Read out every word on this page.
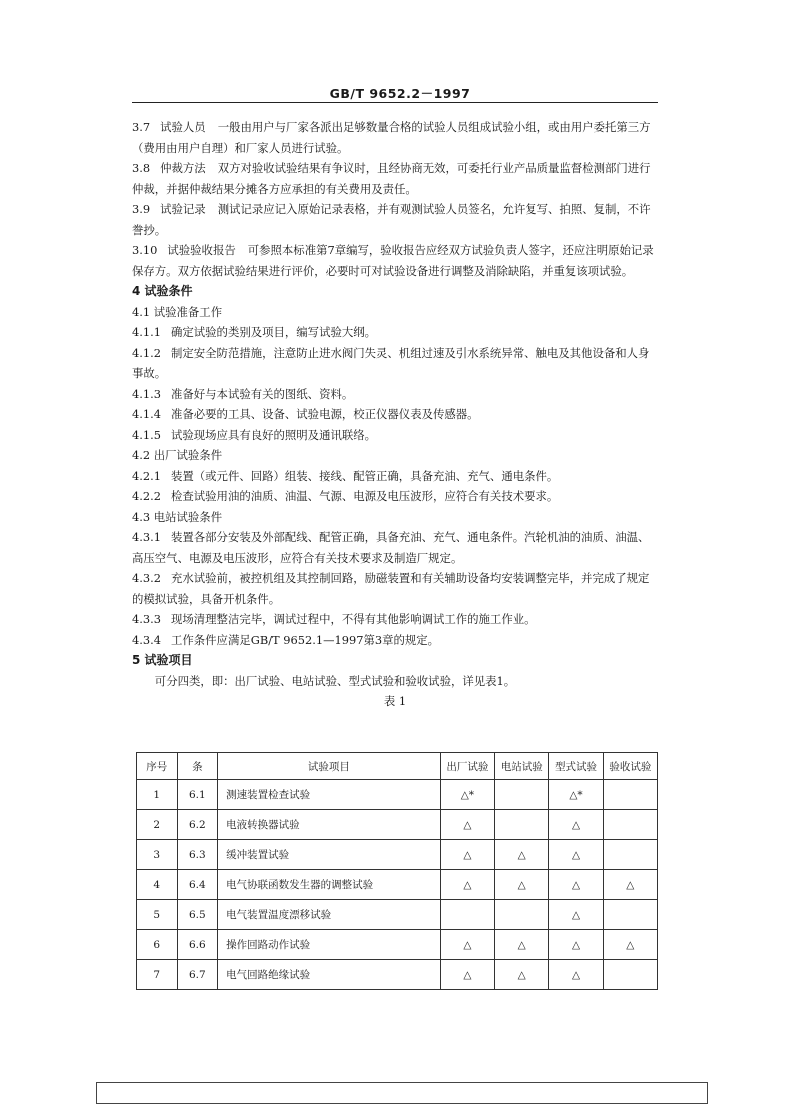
GB/T 9652.2－1997

3.7 试验人员 一般由用户与厂家各派出足够数量合格的试验人员组成试验小组，或由用户委托第三方（费用由用户自理）和厂家人员进行试验。

3.8 仲裁方法 双方对验收试验结果有争议时，且经协商无效，可委托行业产品质量监督检测部门进行仲裁，并据仲裁结果分摊各方应承担的有关费用及责任。

3.9 试验记录 测试记录应记入原始记录表格，并有观测试验人员签名，允许复写、拍照、复制，不许誊抄。

3.10 试验验收报告 可参照本标准第7章编写，验收报告应经双方试验负责人签字，还应注明原始记录保存方。双方依据试验结果进行评价，必要时可对试验设备进行调整及消除缺陷，并重复该项试验。

4 试验条件

4.1 试验准备工作

4.1.1 确定试验的类别及项目，编写试验大纲。

4.1.2 制定安全防范措施，注意防止进水阀门失灵、机组过速及引水系统异常、触电及其他设备和人身事故。

4.1.3 准备好与本试验有关的图纸、资料。

4.1.4 准备必要的工具、设备、试验电源，校正仪器仪表及传感器。

4.1.5 试验现场应具有良好的照明及通讯联络。

4.2 出厂试验条件

4.2.1 装置（或元件、回路）组装、接线、配管正确，具备充油、充气、通电条件。

4.2.2 检查试验用油的油质、油温、气源、电源及电压波形，应符合有关技术要求。

4.3 电站试验条件

4.3.1 装置各部分安装及外部配线、配管正确，具备充油、充气、通电条件。汽轮机油的油质、油温、高压空气、电源及电压波形，应符合有关技术要求及制造厂规定。

4.3.2 充水试验前，被控机组及其控制回路，励磁装置和有关辅助设备均安装调整完毕，并完成了规定的模拟试验，具备开机条件。

4.3.3 现场清理整洁完毕，调试过程中，不得有其他影响调试工作的施工作业。

4.3.4 工作条件应满足GB/T 9652.1—1997第3章的规定。

5 试验项目

可分四类，即：出厂试验、电站试验、型式试验和验收试验，详见表1。

表 1

序号	条	试验项目	出厂试验	电站试验	型式试验	验收试验
1	6.1	测速装置检查试验	△*		△*	
2	6.2	电液转换器试验	△		△	
3	6.3	缓冲装置试验	△	△	△	
4	6.4	电气协联函数发生器的调整试验	△	△	△	△
5	6.5	电气装置温度漂移试验			△	
6	6.6	操作回路动作试验	△	△	△	△
7	6.7	电气回路绝缘试验	△	△	△	
